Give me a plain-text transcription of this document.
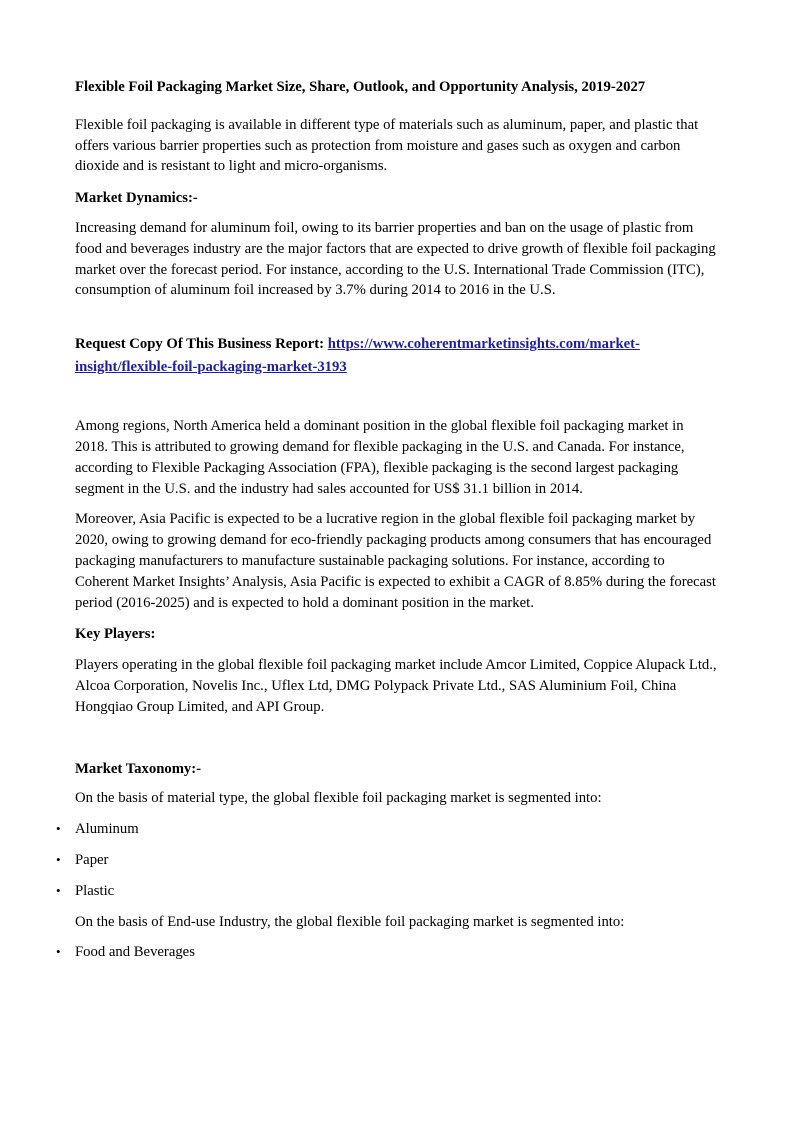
Flexible Foil Packaging Market Size, Share, Outlook, and Opportunity Analysis, 2019-2027

Flexible foil packaging is available in different type of materials such as aluminum, paper, and plastic that offers various barrier properties such as protection from moisture and gases such as oxygen and carbon dioxide and is resistant to light and micro-organisms.

Market Dynamics:-

Increasing demand for aluminum foil, owing to its barrier properties and ban on the usage of plastic from food and beverages industry are the major factors that are expected to drive growth of flexible foil packaging market over the forecast period. For instance, according to the U.S. International Trade Commission (ITC), consumption of aluminum foil increased by 3.7% during 2014 to 2016 in the U.S.

Request Copy Of This Business Report: https://www.coherentmarketinsights.com/market-insight/flexible-foil-packaging-market-3193

Among regions, North America held a dominant position in the global flexible foil packaging market in 2018. This is attributed to growing demand for flexible packaging in the U.S. and Canada. For instance, according to Flexible Packaging Association (FPA), flexible packaging is the second largest packaging segment in the U.S. and the industry had sales accounted for US$ 31.1 billion in 2014.

Moreover, Asia Pacific is expected to be a lucrative region in the global flexible foil packaging market by 2020, owing to growing demand for eco-friendly packaging products among consumers that has encouraged packaging manufacturers to manufacture sustainable packaging solutions. For instance, according to Coherent Market Insights’ Analysis, Asia Pacific is expected to exhibit a CAGR of 8.85% during the forecast period (2016-2025) and is expected to hold a dominant position in the market.

Key Players:

Players operating in the global flexible foil packaging market include Amcor Limited, Coppice Alupack Ltd., Alcoa Corporation, Novelis Inc., Uflex Ltd, DMG Polypack Private Ltd., SAS Aluminium Foil, China Hongqiao Group Limited, and API Group.

Market Taxonomy:-

On the basis of material type, the global flexible foil packaging market is segmented into:

• Aluminum
• Paper
• Plastic

On the basis of End-use Industry, the global flexible foil packaging market is segmented into:

• Food and Beverages
